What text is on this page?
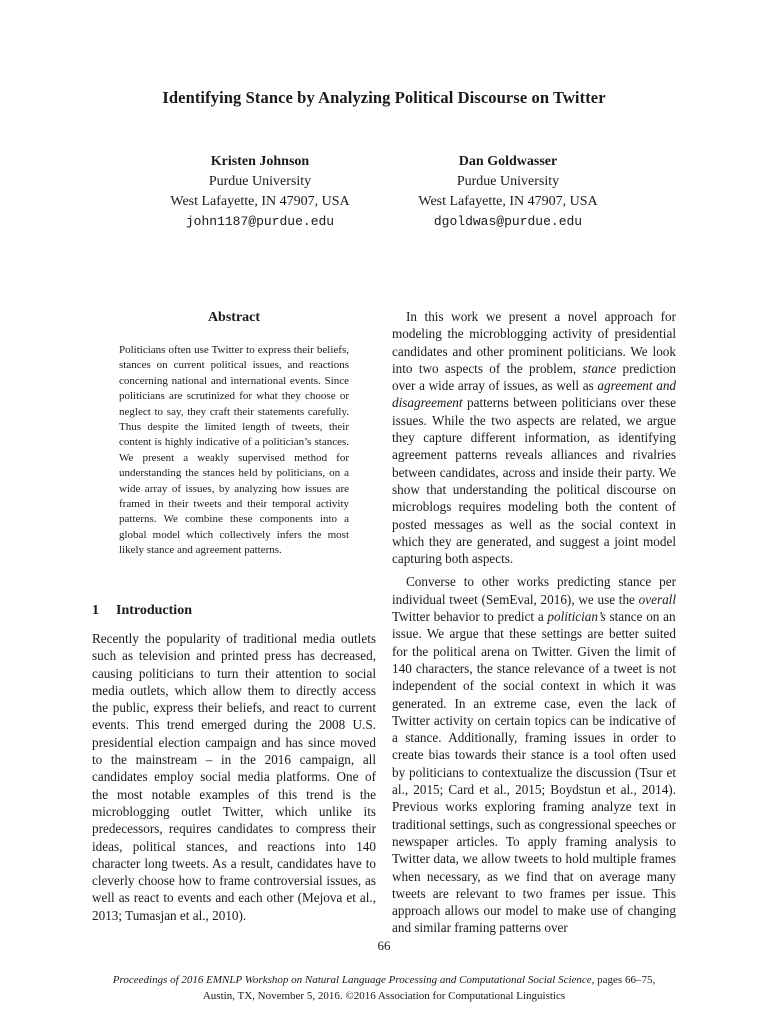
Identifying Stance by Analyzing Political Discourse on Twitter
Kristen Johnson
Purdue University
West Lafayette, IN 47907, USA
john1187@purdue.edu
Dan Goldwasser
Purdue University
West Lafayette, IN 47907, USA
dgoldwas@purdue.edu
Abstract

Politicians often use Twitter to express their beliefs, stances on current political issues, and reactions concerning national and international events. Since politicians are scrutinized for what they choose or neglect to say, they craft their statements carefully. Thus despite the limited length of tweets, their content is highly indicative of a politician’s stances. We present a weakly supervised method for understanding the stances held by politicians, on a wide array of issues, by analyzing how issues are framed in their tweets and their temporal activity patterns. We combine these components into a global model which collectively infers the most likely stance and agreement patterns.

1 Introduction

Recently the popularity of traditional media outlets such as television and printed press has decreased, causing politicians to turn their attention to social media outlets, which allow them to directly access the public, express their beliefs, and react to current events. This trend emerged during the 2008 U.S. presidential election campaign and has since moved to the mainstream – in the 2016 campaign, all candidates employ social media platforms. One of the most notable examples of this trend is the microblogging outlet Twitter, which unlike its predecessors, requires candidates to compress their ideas, political stances, and reactions into 140 character long tweets. As a result, candidates have to cleverly choose how to frame controversial issues, as well as react to events and each other (Mejova et al., 2013; Tumasjan et al., 2010).

In this work we present a novel approach for modeling the microblogging activity of presidential candidates and other prominent politicians. We look into two aspects of the problem, stance prediction over a wide array of issues, as well as agreement and disagreement patterns between politicians over these issues. While the two aspects are related, we argue they capture different information, as identifying agreement patterns reveals alliances and rivalries between candidates, across and inside their party. We show that understanding the political discourse on microblogs requires modeling both the content of posted messages as well as the social context in which they are generated, and suggest a joint model capturing both aspects.

Converse to other works predicting stance per individual tweet (SemEval, 2016), we use the overall Twitter behavior to predict a politician’s stance on an issue. We argue that these settings are better suited for the political arena on Twitter. Given the limit of 140 characters, the stance relevance of a tweet is not independent of the social context in which it was generated. In an extreme case, even the lack of Twitter activity on certain topics can be indicative of a stance. Additionally, framing issues in order to create bias towards their stance is a tool often used by politicians to contextualize the discussion (Tsur et al., 2015; Card et al., 2015; Boydstun et al., 2014). Previous works exploring framing analyze text in traditional settings, such as congressional speeches or newspaper articles. To apply framing analysis to Twitter data, we allow tweets to hold multiple frames when necessary, as we find that on average many tweets are relevant to two frames per issue. This approach allows our model to make use of changing and similar framing patterns over

66
Proceedings of 2016 EMNLP Workshop on Natural Language Processing and Computational Social Science, pages 66–75,
Austin, TX, November 5, 2016. ©2016 Association for Computational Linguistics
